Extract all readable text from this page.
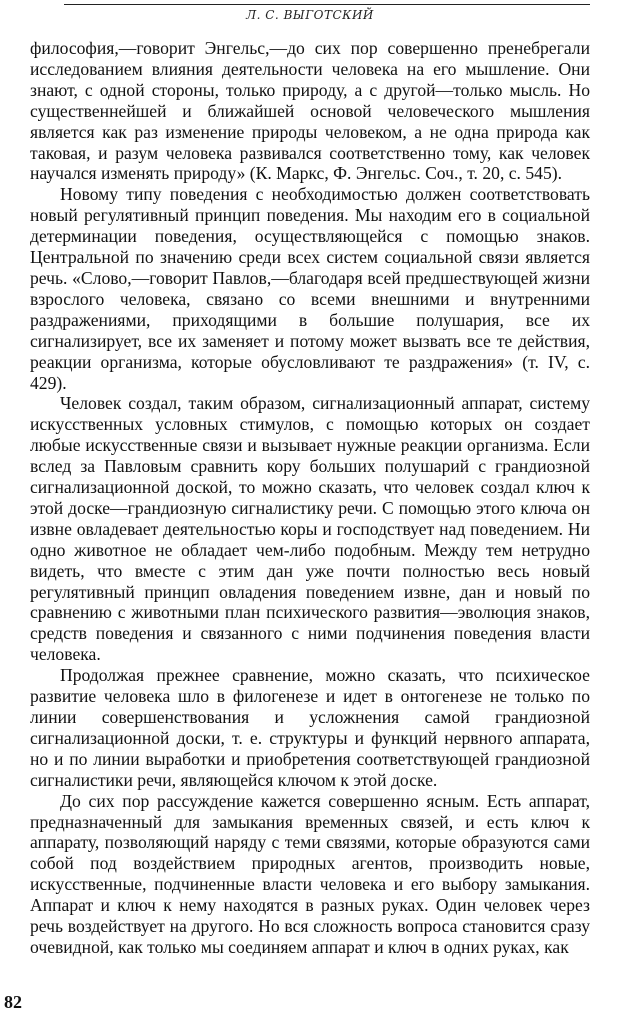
Л. С. ВЫГОТСКИЙ

философия,—говорит Энгельс,—до сих пор совершенно пренебрегали исследованием влияния деятельности человека на его мышление. Они знают, с одной стороны, только природу, а с другой—только мысль. Но существеннейшей и ближайшей основой человеческого мышления является как раз изменение природы человеком, а не одна природа как таковая, и разум человека развивался соответственно тому, как человек научался изменять природу» (К. Маркс, Ф. Энгельс. Соч., т. 20, с. 545).

Новому типу поведения с необходимостью должен соответствовать новый регулятивный принцип поведения. Мы находим его в социальной детерминации поведения, осуществляющейся с помощью знаков. Центральной по значению среди всех систем социальной связи является речь. «Слово,—говорит Павлов,—благодаря всей предшествующей жизни взрослого человека, связано со всеми внешними и внутренними раздражениями, приходящими в большие полушария, все их сигнализирует, все их заменяет и потому может вызвать все те действия, реакции организма, которые обусловливают те раздражения» (т. IV, с. 429).

Человек создал, таким образом, сигнализационный аппарат, систему искусственных условных стимулов, с помощью которых он создает любые искусственные связи и вызывает нужные реакции организма. Если вслед за Павловым сравнить кору больших полушарий с грандиозной сигнализационной доской, то можно сказать, что человек создал ключ к этой доске—грандиозную сигналистику речи. С помощью этого ключа он извне овладевает деятельностью коры и господствует над поведением. Ни одно животное не обладает чем-либо подобным. Между тем нетрудно видеть, что вместе с этим дан уже почти полностью весь новый регулятивный принцип овладения поведением извне, дан и новый по сравнению с животными план психического развития—эволюция знаков, средств поведения и связанного с ними подчинения поведения власти человека.

Продолжая прежнее сравнение, можно сказать, что психическое развитие человека шло в филогенезе и идет в онтогенезе не только по линии совершенствования и усложнения самой грандиозной сигнализационной доски, т. е. структуры и функций нервного аппарата, но и по линии выработки и приобретения соответствующей грандиозной сигналистики речи, являющейся ключом к этой доске.

До сих пор рассуждение кажется совершенно ясным. Есть аппарат, предназначенный для замыкания временных связей, и есть ключ к аппарату, позволяющий наряду с теми связями, которые образуются сами собой под воздействием природных агентов, производить новые, искусственные, подчиненные власти человека и его выбору замыкания. Аппарат и ключ к нему находятся в разных руках. Один человек через речь воздействует на другого. Но вся сложность вопроса становится сразу очевидной, как только мы соединяем аппарат и ключ в одних руках, как

82
